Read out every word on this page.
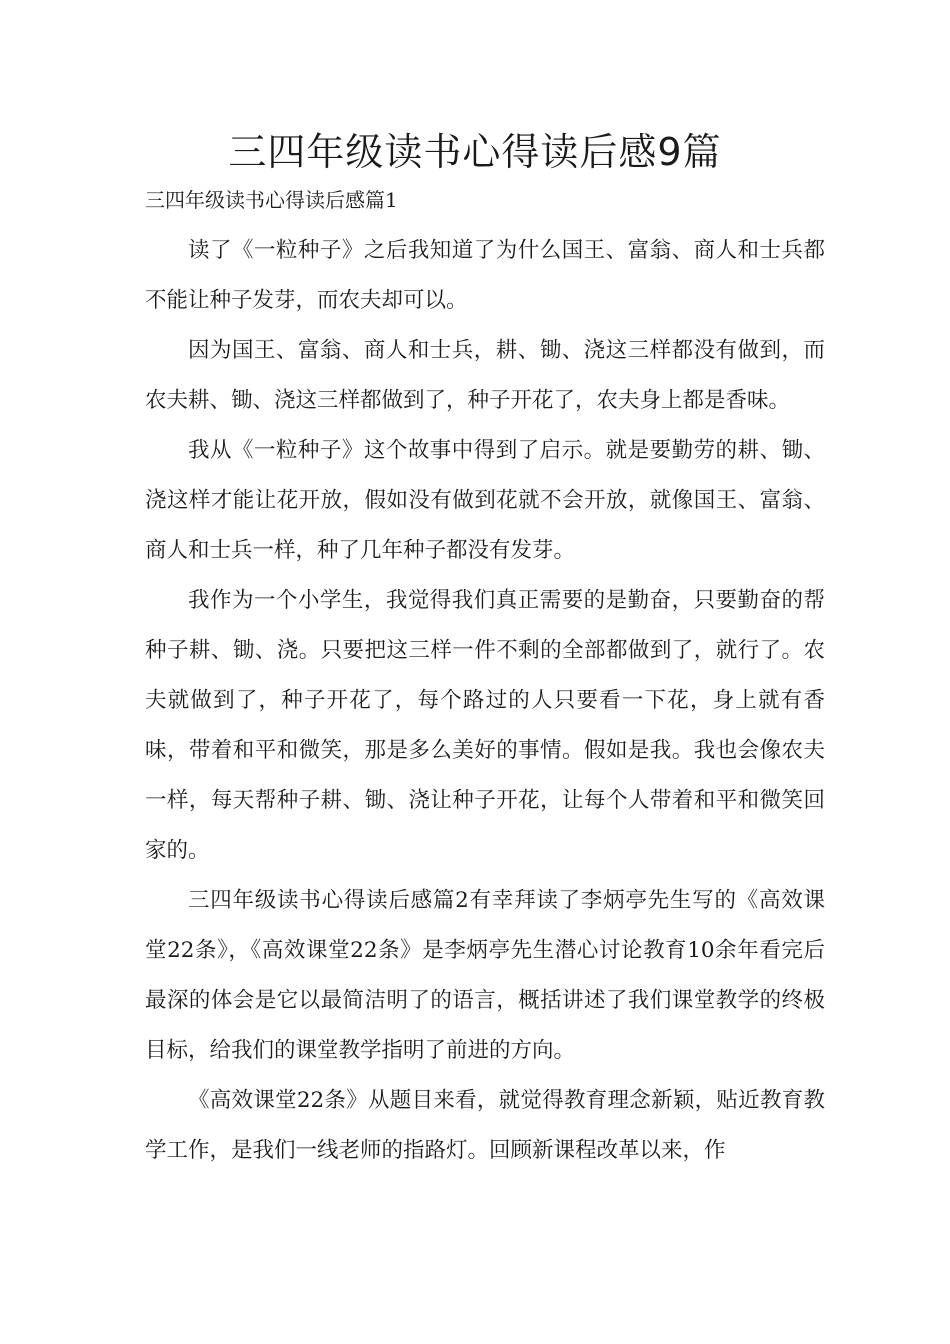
三四年级读书心得读后感9篇
三四年级读书心得读后感篇1

读了《一粒种子》之后我知道了为什么国王、富翁、商人和士兵都不能让种子发芽，而农夫却可以。

因为国王、富翁、商人和士兵，耕、锄、浇这三样都没有做到，而农夫耕、锄、浇这三样都做到了，种子开花了，农夫身上都是香味。

我从《一粒种子》这个故事中得到了启示。就是要勤劳的耕、锄、浇这样才能让花开放，假如没有做到花就不会开放，就像国王、富翁、商人和士兵一样，种了几年种子都没有发芽。

我作为一个小学生，我觉得我们真正需要的是勤奋，只要勤奋的帮种子耕、锄、浇。只要把这三样一件不剩的全部都做到了，就行了。农夫就做到了，种子开花了，每个路过的人只要看一下花，身上就有香味，带着和平和微笑，那是多么美好的事情。假如是我。我也会像农夫一样，每天帮种子耕、锄、浇让种子开花，让每个人带着和平和微笑回家的。

三四年级读书心得读后感篇2有幸拜读了李炳亭先生写的《高效课堂22条》，《高效课堂22条》是李炳亭先生潜心讨论教育10余年看完后最深的体会是它以最简洁明了的语言，概括讲述了我们课堂教学的终极目标，给我们的课堂教学指明了前进的方向。

《高效课堂22条》从题目来看，就觉得教育理念新颖，贴近教育教学工作，是我们一线老师的指路灯。回顾新课程改革以来，作
